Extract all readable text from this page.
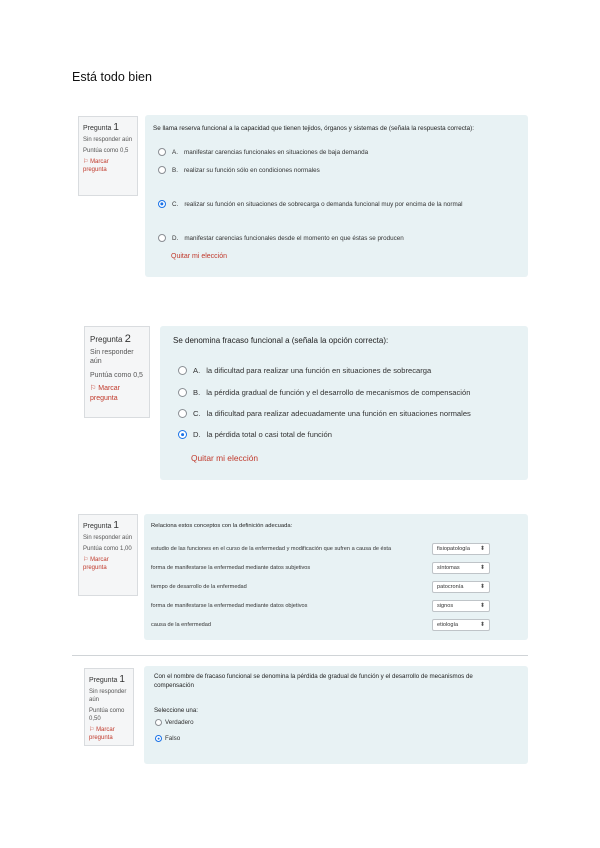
Está todo bien
Pregunta 1
Sin responder aún
Puntúa como 0,5
⚐ Marcar pregunta
Se llama reserva funcional a la capacidad que tienen tejidos, órganos y sistemas de (señala la respuesta correcta):
A. manifestar carencias funcionales en situaciones de baja demanda
B. realizar su función sólo en condiciones normales
C. realizar su función en situaciones de sobrecarga o demanda funcional muy por encima de la normal
D. manifestar carencias funcionales desde el momento en que éstas se producen
Quitar mi elección
Pregunta 2
Sin responder aún
Puntúa como 0,5
⚐ Marcar pregunta
Se denomina fracaso funcional a (señala la opción correcta):
A. la dificultad para realizar una función en situaciones de sobrecarga
B. la pérdida gradual de función y el desarrollo de mecanismos de compensación
C. la dificultad para realizar adecuadamente una función en situaciones normales
D. la pérdida total o casi total de función
Quitar mi elección
Pregunta 1
Sin responder aún
Puntúa como 1,00
⚐ Marcar pregunta
Relaciona estos conceptos con la definición adecuada:
estudio de las funciones en el curso de la enfermedad y modificación que sufren a causa de ésta	fisiopatología ⬍
forma de manifestarse la enfermedad mediante datos subjetivos	síntomas	⬍
tiempo de desarrollo de la enfermedad	patocronía	⬍
forma de manifestarse la enfermedad mediante datos objetivos	signos	⬍
causa de la enfermedad	etiología	⬍
Pregunta 1
Sin responder aún
Puntúa como 0,50
⚐ Marcar pregunta
Con el nombre de fracaso funcional se denomina la pérdida de gradual de función y el desarrollo de mecanismos de compensación
Seleccione una:
Verdadero
Falso
